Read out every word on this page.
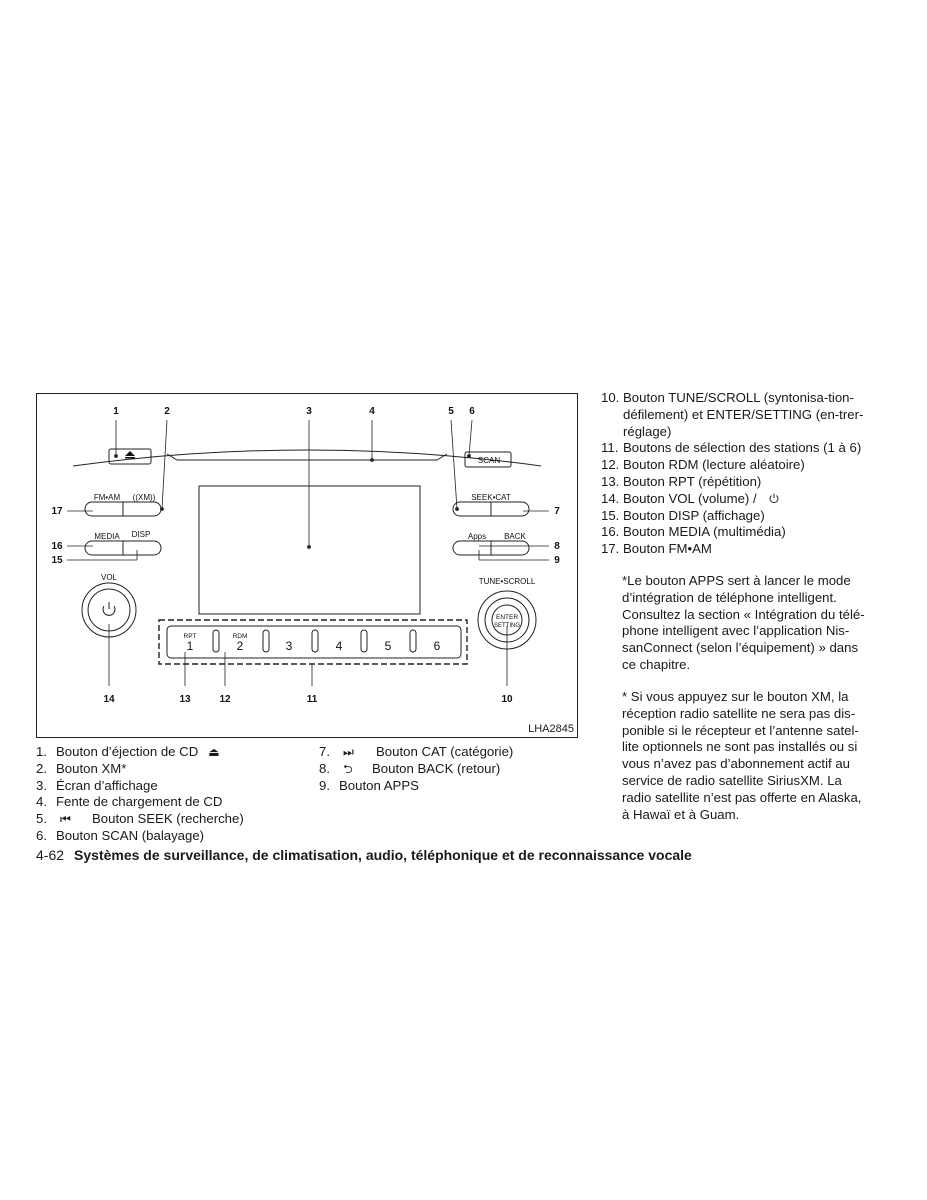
1	2	3	4	5 6
7
8
9
10
11
12
13
14
15
16
17
FM•AM ((XM))
MEDIA DISP
VOL
SCAN
SEEK•CAT
Apps BACK
TUNE•SCROLL
ENTER
SETTING
RPT	RDM
1	2	3	4	5	6
LHA2845
1. Bouton d’éjection de CD ⏏
2. Bouton XM*
3. Écran d’affichage
4. Fente de chargement de CD
5.	⏮	Bouton SEEK (recherche)
6. Bouton SCAN (balayage)
7.	⏭	Bouton CAT (catégorie)
8.	⮌	Bouton BACK (retour)
9. Bouton APPS
10. Bouton TUNE/SCROLL (syntonisa-tion-défilement) et ENTER/SETTING (en-trer-réglage)
11. Boutons de sélection des stations (1 à 6)
12. Bouton RDM (lecture aléatoire)
13. Bouton RPT (répétition)
14. Bouton VOL (volume) /
15. Bouton DISP (affichage)
16. Bouton MEDIA (multimédia)
17. Bouton FM•AM
*Le bouton APPS sert à lancer le mode d’intégration de téléphone intelligent. Consultez la section « Intégration du télé-phone intelligent avec l’application Nis-sanConnect (selon l’équipement) » dans ce chapitre.
* Si vous appuyez sur le bouton XM, la réception radio satellite ne sera pas dis-ponible si le récepteur et l’antenne satel-lite optionnels ne sont pas installés ou si vous n’avez pas d’abonnement actif au service de radio satellite SiriusXM. La radio satellite n’est pas offerte en Alaska, à Hawaï et à Guam.
4-62 Systèmes de surveillance, de climatisation, audio, téléphonique et de reconnaissance vocale
